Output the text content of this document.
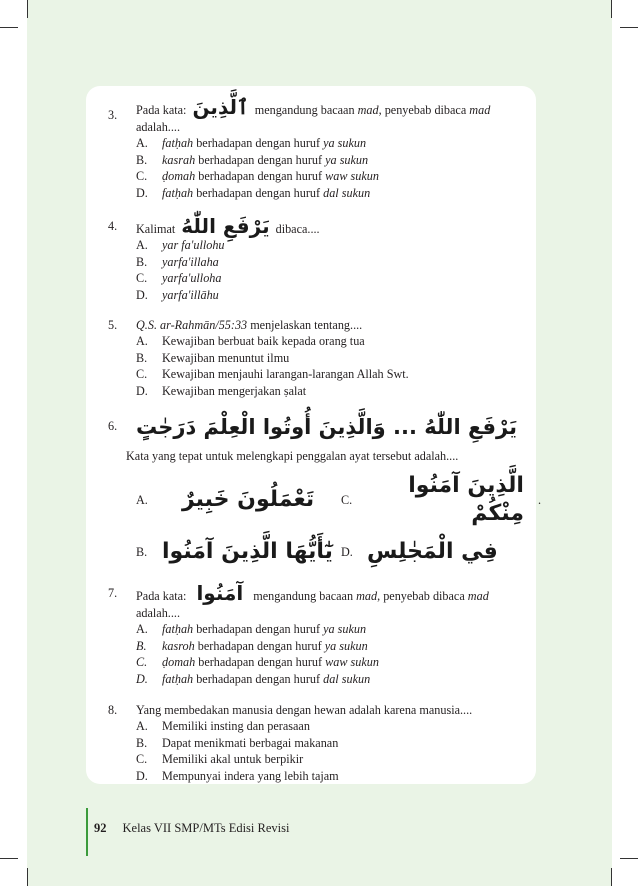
3.	Pada kata: ٱلَّذِينَ mengandung bacaan mad, penyebab dibaca mad adalah....
A.	fatḥah berhadapan dengan huruf ya sukun
B.	kasrah berhadapan dengan huruf ya sukun
C.	ḍomah berhadapan dengan huruf waw sukun
D.	fatḥah berhadapan dengan huruf dal sukun
4.	Kalimat يَرْفَعِ اللّٰهُ dibaca....
A.	yar fa'ullohu
B.	yarfa'illaha
C.	yarfa'ulloha
D.	yarfa'illāhu
5.	Q.S. ar-Rahmān/55:33 menjelaskan tentang....
A.	Kewajiban berbuat baik kepada orang tua
B.	Kewajiban menuntut ilmu
C.	Kewajiban menjauhi larangan-larangan Allah Swt.
D.	Kewajiban mengerjakan ṣalat
6. يَرْفَعِ اللّٰهُ ... وَالَّذِينَ أُوتُوا الْعِلْمَ دَرَجٰتٍ
Kata yang tepat untuk melengkapi penggalan ayat tersebut adalah....
A.	تَعْمَلُونَ خَبِيرٌ C.
الَّذِينَ آمَنُوا مِنْكُمْ
.
B. يٰٓأَيُّهَا الَّذِينَ آمَنُوا D. فِي الْمَجٰلِسِ
7.	Pada kata: آمَنُوا mengandung bacaan mad, penyebab dibaca mad
adalah....
A.	fatḥah berhadapan dengan huruf ya sukun
B.	kasroh berhadapan dengan huruf ya sukun
C.	ḍomah berhadapan dengan huruf waw sukun
D.	fatḥah berhadapan dengan huruf dal sukun
8.	Yang membedakan manusia dengan hewan adalah karena manusia....
A.	Memiliki insting dan perasaan
B.	Dapat menikmati berbagai makanan
C.	Memiliki akal untuk berpikir
D.	Mempunyai indera yang lebih tajam
92 Kelas VII SMP/MTs Edisi Revisi
